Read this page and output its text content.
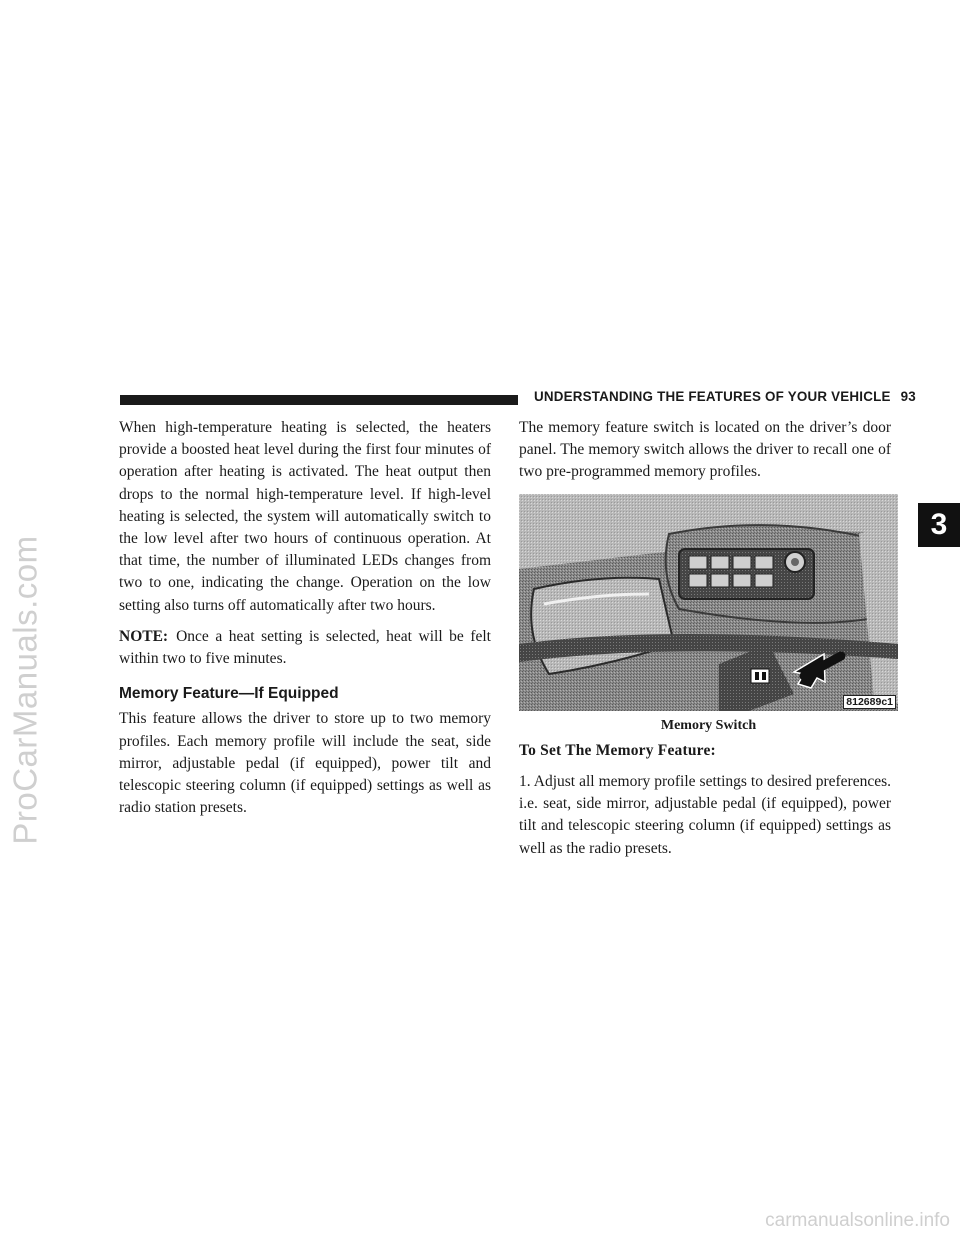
ProCarManuals.com
UNDERSTANDING THE FEATURES OF YOUR VEHICLE 93
3

When high-temperature heating is selected, the heaters provide a boosted heat level during the first four minutes of operation after heating is activated. The heat output then drops to the normal high-temperature level. If high-level heating is selected, the system will automatically switch to the low level after two hours of continuous operation. At that time, the number of illuminated LEDs changes from two to one, indicating the change. Operation on the low setting also turns off automatically after two hours.

NOTE: Once a heat setting is selected, heat will be felt within two to five minutes.

Memory Feature—If Equipped

This feature allows the driver to store up to two memory profiles. Each memory profile will include the seat, side mirror, adjustable pedal (if equipped), power tilt and telescopic steering column (if equipped) settings as well as radio station presets.

The memory feature switch is located on the driver’s door panel. The memory switch allows the driver to recall one of two pre-programmed memory profiles.

812689c1
Memory Switch

To Set The Memory Feature:

1. Adjust all memory profile settings to desired preferences. i.e. seat, side mirror, adjustable pedal (if equipped), power tilt and telescopic steering column (if equipped) settings as well as the radio presets.

carmanualsonline.info
